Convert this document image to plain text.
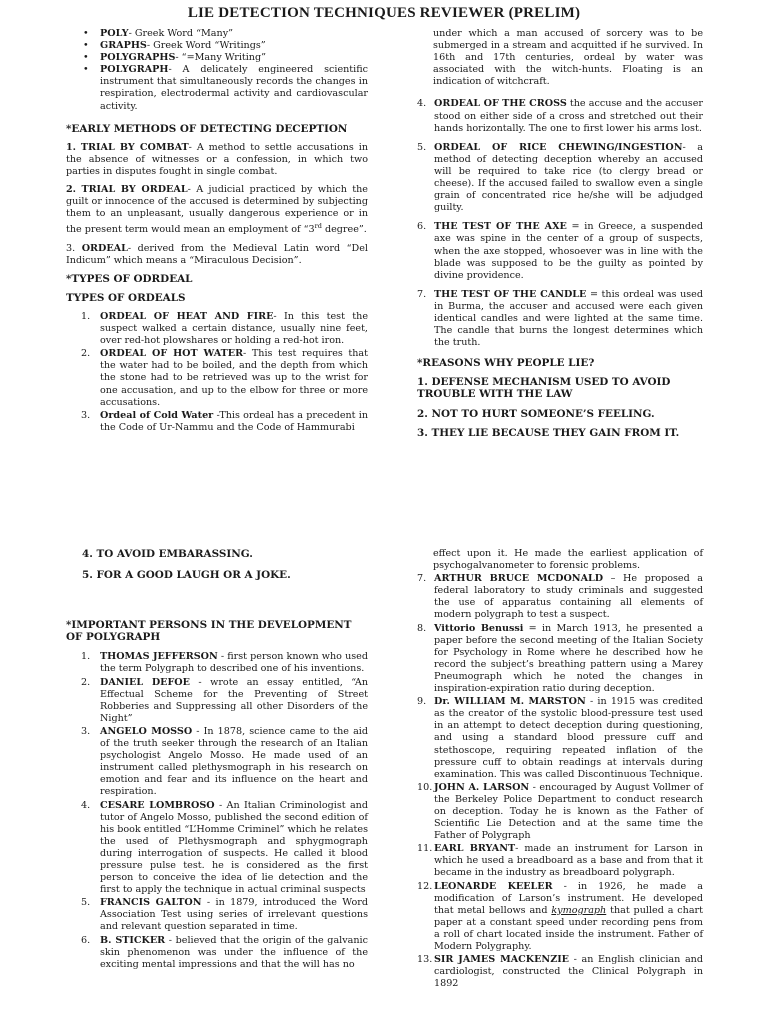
LIE DETECTION TECHNIQUES REVIEWER (PRELIM)
• POLY- Greek Word “Many”
• GRAPHS- Greek Word “Writings”
• POLYGRAPHS- “=Many Writing”
• POLYGRAPH- A delicately engineered scientific instrument that simultaneously records the changes in respiration, electrodermal activity and cardiovascular activity.

*EARLY METHODS OF DETECTING DECEPTION

1. TRIAL BY COMBAT- A method to settle accusations in the absence of witnesses or a confession, in which two parties in disputes fought in single combat.

2. TRIAL BY ORDEAL- A judicial practiced by which the guilt or innocence of the accused is determined by subjecting them to an unpleasant, usually dangerous experience or in the present term would mean an employment of “3rd degree”.

3. ORDEAL- derived from the Medieval Latin word “Del Indicum” which means a “Miraculous Decision”.

*TYPES OF ODRDEAL

TYPES OF ORDEALS

1. ORDEAL OF HEAT AND FIRE- In this test the suspect walked a certain distance, usually nine feet, over red-hot plowshares or holding a red-hot iron.
2. ORDEAL OF HOT WATER- This test requires that the water had to be boiled, and the depth from which the stone had to be retrieved was up to the wrist for one accusation, and up to the elbow for three or more accusations.
3. Ordeal of Cold Water -This ordeal has a precedent in the Code of Ur-Nammu and the Code of Hammurabi

under which a man accused of sorcery was to be submerged in a stream and acquitted if he survived. In 16th and 17th centuries, ordeal by water was associated with the witch-hunts. Floating is an indication of witchcraft.

4. ORDEAL OF THE CROSS the accuse and the accuser stood on either side of a cross and stretched out their hands horizontally. The one to first lower his arms lost.
5. ORDEAL OF RICE CHEWING/INGESTION- a method of detecting deception whereby an accused will be required to take rice (to clergy bread or cheese). If the accused failed to swallow even a single grain of concentrated rice he/she will be adjudged guilty.
6. THE TEST OF THE AXE = in Greece, a suspended axe was spine in the center of a group of suspects, when the axe stopped, whosoever was in line with the blade was supposed to be the guilty as pointed by divine providence.
7. THE TEST OF THE CANDLE = this ordeal was used in Burma, the accuser and accused were each given identical candles and were lighted at the same time. The candle that burns the longest determines which the truth.

*REASONS WHY PEOPLE LIE?

1. DEFENSE MECHANISM USED TO AVOID TROUBLE WITH THE LAW

2. NOT TO HURT SOMEONE’S FEELING.

3. THEY LIE BECAUSE THEY GAIN FROM IT.

4. TO AVOID EMBARASSING.

5. FOR A GOOD LAUGH OR A JOKE.

*IMPORTANT PERSONS IN THE DEVELOPMENT OF POLYGRAPH

1. THOMAS JEFFERSON - first person known who used the term Polygraph to described one of his inventions.
2. DANIEL DEFOE - wrote an essay entitled, “An Effectual Scheme for the Preventing of Street Robberies and Suppressing all other Disorders of the Night”
3. ANGELO MOSSO - In 1878, science came to the aid of the truth seeker through the research of an Italian psychologist Angelo Mosso. He made used of an instrument called plethysmograph in his research on emotion and fear and its influence on the heart and respiration.
4. CESARE LOMBROSO - An Italian Criminologist and tutor of Angelo Mosso, published the second edition of his book entitled “L’Homme Criminel” which he relates the used of Plethysmograph and sphygmograph during interrogation of suspects. He called it blood pressure pulse test. he is considered as the first person to conceive the idea of lie detection and the first to apply the technique in actual criminal suspects
5. FRANCIS GALTON - in 1879, introduced the Word Association Test using series of irrelevant questions and relevant question separated in time.
6. B. STICKER - believed that the origin of the galvanic skin phenomenon was under the influence of the exciting mental impressions and that the will has no

effect upon it. He made the earliest application of psychogalvanometer to forensic problems.

7. ARTHUR BRUCE MCDONALD – He proposed a federal laboratory to study criminals and suggested the use of apparatus containing all elements of modern polygraph to test a suspect.
8. Vittorio Benussi = in March 1913, he presented a paper before the second meeting of the Italian Society for Psychology in Rome where he described how he record the subject’s breathing pattern using a Marey Pneumograph which he noted the changes in inspiration-expiration ratio during deception.
9. Dr. WILLIAM M. MARSTON - in 1915 was credited as the creator of the systolic blood-pressure test used in an attempt to detect deception during questioning, and using a standard blood pressure cuff and stethoscope, requiring repeated inflation of the pressure cuff to obtain readings at intervals during examination. This was called Discontinuous Technique.
10. JOHN A. LARSON - encouraged by August Vollmer of the Berkeley Police Department to conduct research on deception. Today he is known as the Father of Scientific Lie Detection and at the same time the Father of Polygraph
11. EARL BRYANT- made an instrument for Larson in which he used a breadboard as a base and from that it became in the industry as breadboard polygraph.
12. LEONARDE KEELER - in 1926, he made a modification of Larson’s instrument. He developed that metal bellows and kymograph that pulled a chart paper at a constant speed under recording pens from a roll of chart located inside the instrument. Father of Modern Polygraphy.
13. SIR JAMES MACKENZIE - an English clinician and cardiologist, constructed the Clinical Polygraph in 1892
